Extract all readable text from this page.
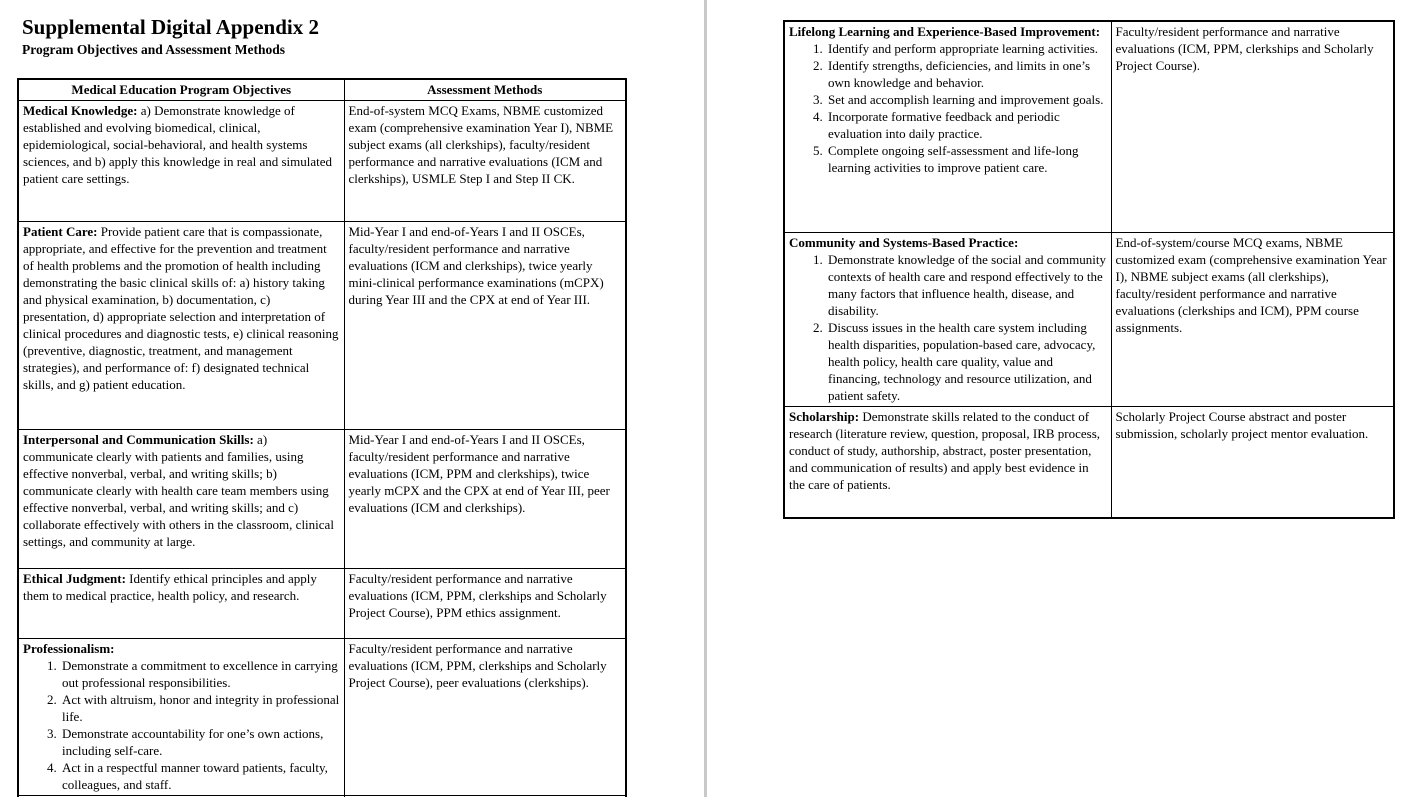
Supplemental Digital Appendix 2
Program Objectives and Assessment Methods
Medical Education Program Objectives	Assessment Methods
Medical Knowledge: a) Demonstrate knowledge of established and evolving biomedical, clinical, epidemiological, social-behavioral, and health systems sciences, and b) apply this knowledge in real and simulated patient care settings.	End-of-system MCQ Exams, NBME customized exam (comprehensive examination Year I), NBME subject exams (all clerkships), faculty/resident performance and narrative evaluations (ICM and clerkships), USMLE Step I and Step II CK.
Patient Care: Provide patient care that is compassionate, appropriate, and effective for the prevention and treatment of health problems and the promotion of health including demonstrating the basic clinical skills of: a) history taking and physical examination, b) documentation, c) presentation, d) appropriate selection and interpretation of clinical procedures and diagnostic tests, e) clinical reasoning (preventive, diagnostic, treatment, and management strategies), and performance of: f) designated technical skills, and g) patient education.	Mid-Year I and end-of-Years I and II OSCEs, faculty/resident performance and narrative evaluations (ICM and clerkships), twice yearly mini-clinical performance examinations (mCPX) during Year III and the CPX at end of Year III.
Interpersonal and Communication Skills: a) communicate clearly with patients and families, using effective nonverbal, verbal, and writing skills; b) communicate clearly with health care team members using effective nonverbal, verbal, and writing skills; and c) collaborate effectively with others in the classroom, clinical settings, and community at large.	Mid-Year I and end-of-Years I and II OSCEs, faculty/resident performance and narrative evaluations (ICM, PPM and clerkships), twice yearly mCPX and the CPX at end of Year III, peer evaluations (ICM and clerkships).
Ethical Judgment: Identify ethical principles and apply them to medical practice, health policy, and research.	Faculty/resident performance and narrative evaluations (ICM, PPM, clerkships and Scholarly Project Course), PPM ethics assignment.
Professionalism:
1. Demonstrate a commitment to excellence in carrying out professional responsibilities.
2. Act with altruism, honor and integrity in professional life.
3. Demonstrate accountability for one’s own actions, including self-care.
4. Act in a respectful manner toward patients, faculty, colleagues, and staff.
	Faculty/resident performance and narrative evaluations (ICM, PPM, clerkships and Scholarly Project Course), peer evaluations (clerkships).

Lifelong Learning and Experience-Based Improvement:
1. Identify and perform appropriate learning activities.
2. Identify strengths, deficiencies, and limits in one’s own knowledge and behavior.
3. Set and accomplish learning and improvement goals.
4. Incorporate formative feedback and periodic evaluation into daily practice.
5. Complete ongoing self-assessment and life-long learning activities to improve patient care.
	Faculty/resident performance and narrative evaluations (ICM, PPM, clerkships and Scholarly Project Course).
Community and Systems-Based Practice:
1. Demonstrate knowledge of the social and community contexts of health care and respond effectively to the many factors that influence health, disease, and disability.
2. Discuss issues in the health care system including health disparities, population-based care, advocacy, health policy, health care quality, value and financing, technology and resource utilization, and patient safety.
	End-of-system/course MCQ exams, NBME customized exam (comprehensive examination Year I), NBME subject exams (all clerkships), faculty/resident performance and narrative evaluations (clerkships and ICM), PPM course assignments.
Scholarship: Demonstrate skills related to the conduct of research (literature review, question, proposal, IRB process, conduct of study, authorship, abstract, poster presentation, and communication of results) and apply best evidence in the care of patients.	Scholarly Project Course abstract and poster submission, scholarly project mentor evaluation.
